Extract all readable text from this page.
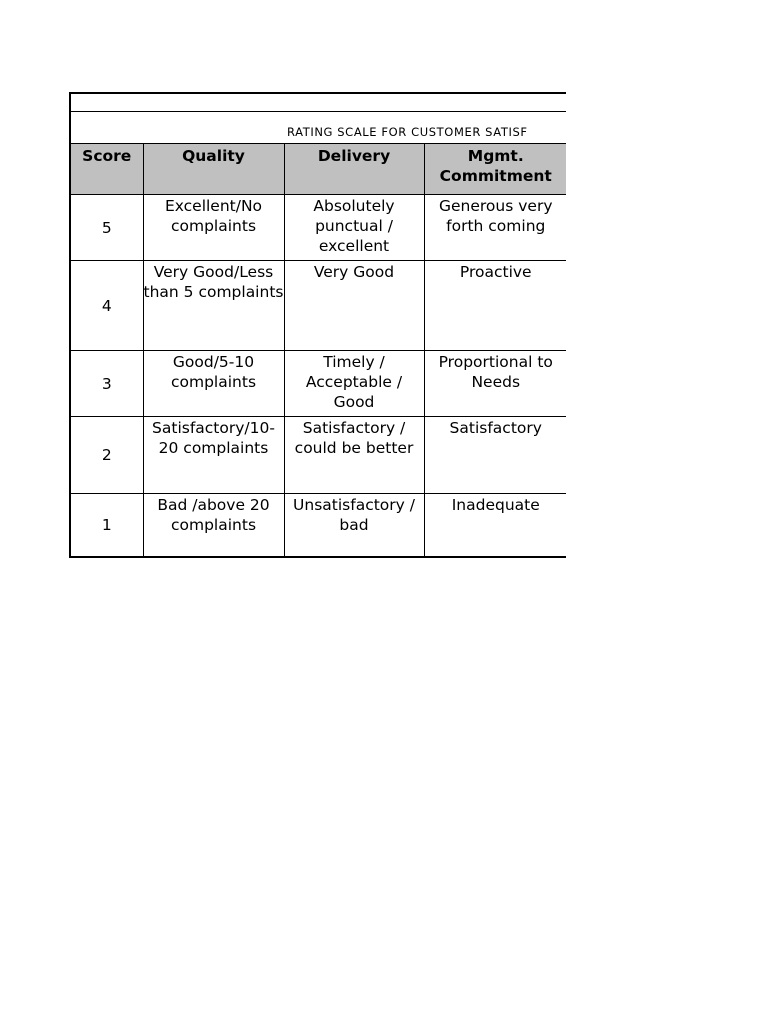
RATING SCALE FOR CUSTOMER SATISF
Score	Quality	Delivery	Mgmt.
Commitment
5	Excellent/No complaints	Absolutely punctual / excellent	Generous very forth coming
4	Very Good/Less than 5 complaints	Very Good	Proactive
3	Good/5-10 complaints	Timely / Acceptable / Good	Proportional to Needs
2	Satisfactory/10-20 complaints	Satisfactory / could be better	Satisfactory
1	Bad /above 20 complaints	Unsatisfactory / bad	Inadequate
